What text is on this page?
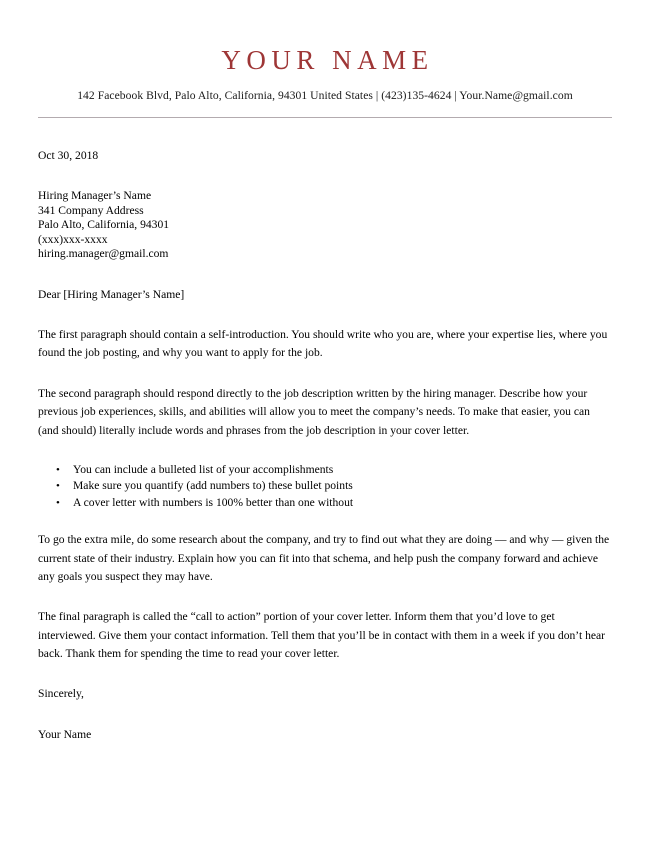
YOUR NAME

142 Facebook Blvd, Palo Alto, California, 94301 United States | (423)135-4624 | Your.Name@gmail.com

Oct 30, 2018

Hiring Manager’s Name

341 Company Address

Palo Alto, California, 94301

(xxx)xxx-xxxx

hiring.manager@gmail.com

Dear [Hiring Manager’s Name]

The first paragraph should contain a self-introduction. You should write who you are, where your expertise lies, where you found the job posting, and why you want to apply for the job.

The second paragraph should respond directly to the job description written by the hiring manager. Describe how your previous job experiences, skills, and abilities will allow you to meet the company’s needs. To make that easier, you can (and should) literally include words and phrases from the job description in your cover letter.

• You can include a bulleted list of your accomplishments
• Make sure you quantify (add numbers to) these bullet points
• A cover letter with numbers is 100% better than one without

To go the extra mile, do some research about the company, and try to find out what they are doing — and why — given the current state of their industry. Explain how you can fit into that schema, and help push the company forward and achieve any goals you suspect they may have.

The final paragraph is called the “call to action” portion of your cover letter. Inform them that you’d love to get interviewed. Give them your contact information. Tell them that you’ll be in contact with them in a week if you don’t hear back. Thank them for spending the time to read your cover letter.

Sincerely,

Your Name
